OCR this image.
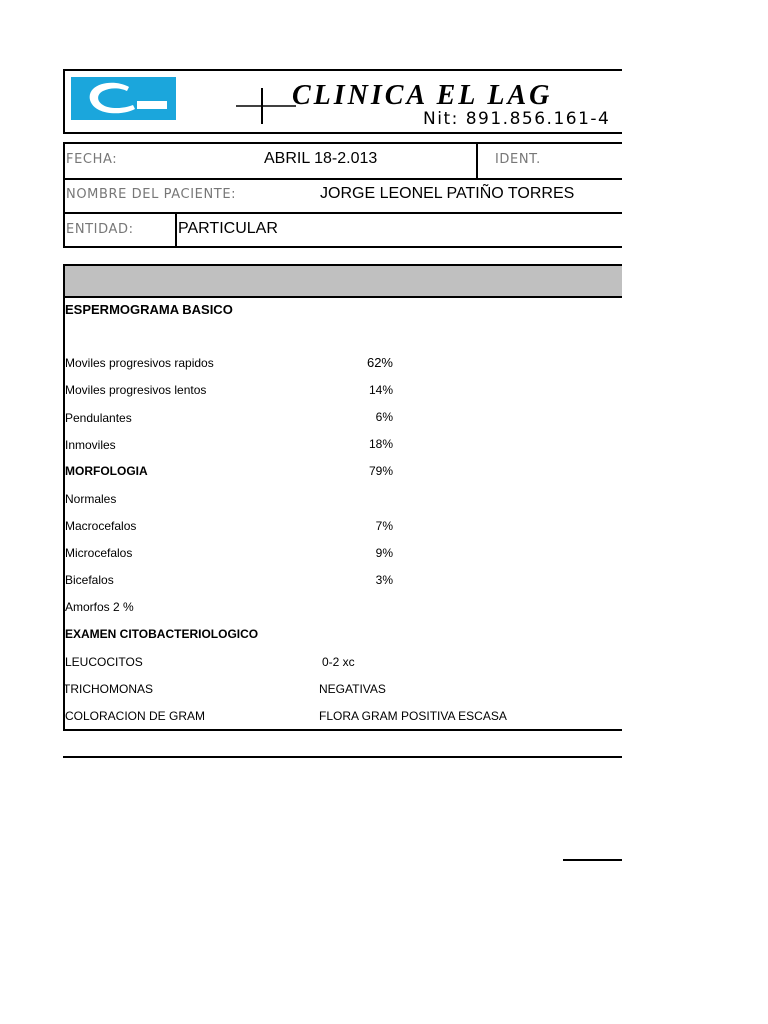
CLINICA EL LAG
Nit: 891.856.161-4
FECHA:	ABRIL 18-2.013	IDENT.
NOMBRE DEL PACIENTE:	JORGE LEONEL PATIÑO TORRES
ENTIDAD:	PARTICULAR
ESPERMOGRAMA BASICO
Moviles progresivos rapidos	62%
Moviles progresivos lentos	14%
Pendulantes	6%
Inmoviles	18%
MORFOLOGIA	79%
Normales
Macrocefalos	7%
Microcefalos	9%
Bicefalos	3%
Amorfos 2 %
EXAMEN CITOBACTERIOLOGICO
LEUCOCITOS	0-2 xc
TRICHOMONAS	NEGATIVAS
COLORACION DE GRAM	FLORA GRAM POSITIVA ESCASA
